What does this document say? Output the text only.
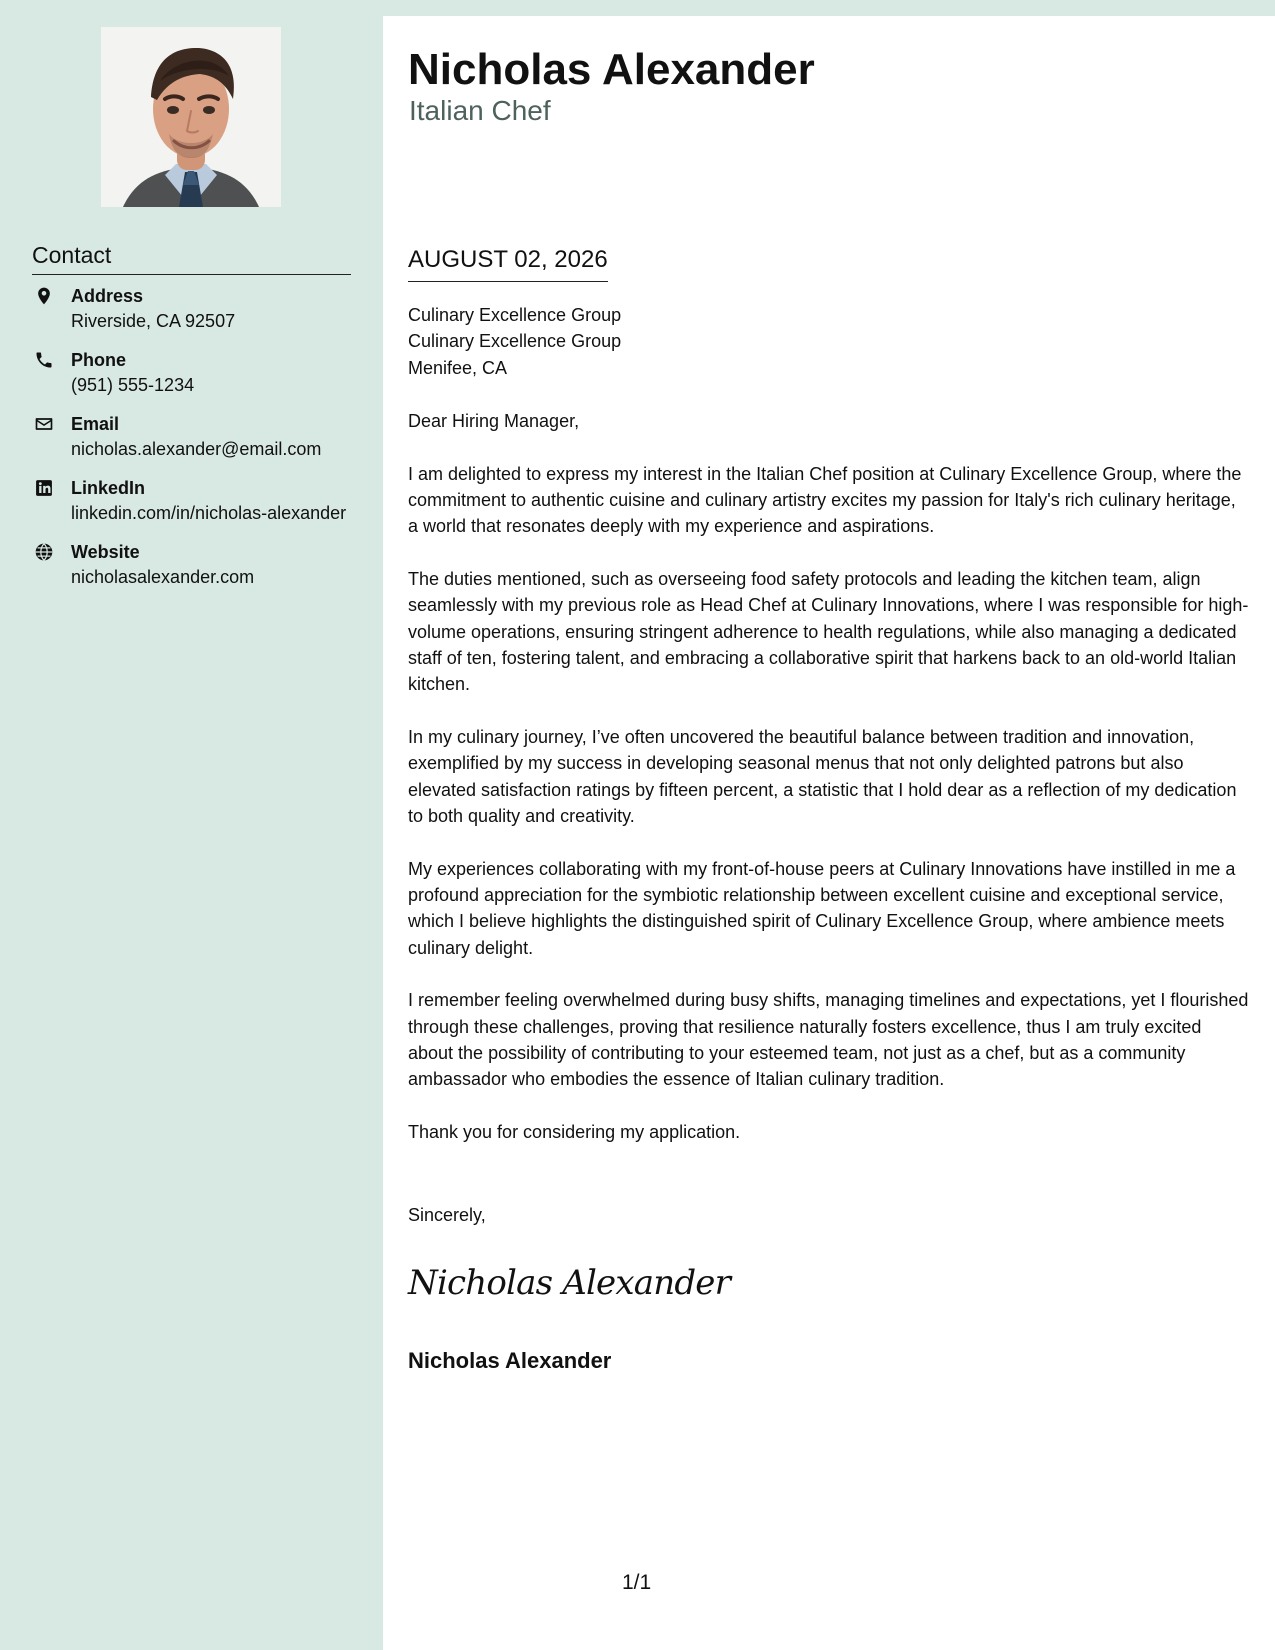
Contact
Address
Riverside, CA 92507
Phone
(951) 555-1234
Email
nicholas.alexander@email.com
LinkedIn
linkedin.com/in/nicholas-alexander
Website
nicholasalexander.com
Nicholas Alexander
Italian Chef
AUGUST 02, 2026
Culinary Excellence Group
Culinary Excellence Group
Menifee, CA
Dear Hiring Manager,

I am delighted to express my interest in the Italian Chef position at Culinary Excellence Group, where the commitment to authentic cuisine and culinary artistry excites my passion for Italy's rich culinary heritage, a world that resonates deeply with my experience and aspirations.

The duties mentioned, such as overseeing food safety protocols and leading the kitchen team, align seamlessly with my previous role as Head Chef at Culinary Innovations, where I was responsible for high-volume operations, ensuring stringent adherence to health regulations, while also managing a dedicated staff of ten, fostering talent, and embracing a collaborative spirit that harkens back to an old-world Italian kitchen.

In my culinary journey, I’ve often uncovered the beautiful balance between tradition and innovation, exemplified by my success in developing seasonal menus that not only delighted patrons but also elevated satisfaction ratings by fifteen percent, a statistic that I hold dear as a reflection of my dedication to both quality and creativity.

My experiences collaborating with my front-of-house peers at Culinary Innovations have instilled in me a profound appreciation for the symbiotic relationship between excellent cuisine and exceptional service, which I believe highlights the distinguished spirit of Culinary Excellence Group, where ambience meets culinary delight.

I remember feeling overwhelmed during busy shifts, managing timelines and expectations, yet I flourished through these challenges, proving that resilience naturally fosters excellence, thus I am truly excited about the possibility of contributing to your esteemed team, not just as a chef, but as a community ambassador who embodies the essence of Italian culinary tradition.

Thank you for considering my application.
Sincerely,
Nicholas Alexander
Nicholas Alexander
1/1
